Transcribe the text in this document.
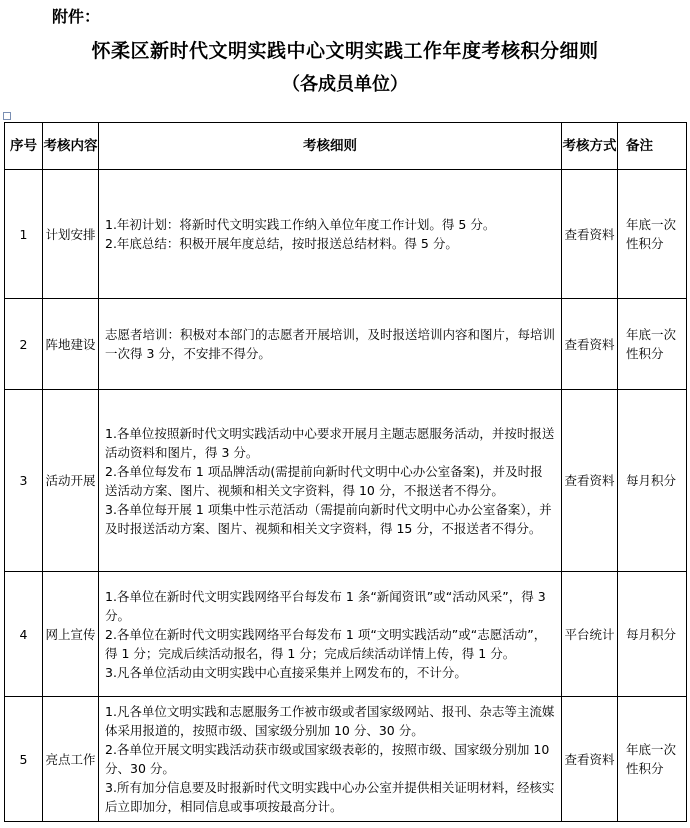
附件：
怀柔区新时代文明实践中心文明实践工作年度考核积分细则
（各成员单位）
序号	考核内容	考核细则	考核方式	备注
1	计划安排	1.年初计划：将新时代文明实践工作纳入单位年度工作计划。得 5 分。
2.年底总结：积极开展年度总结，按时报送总结材料。得 5 分。	查看资料	年底一次性积分
2	阵地建设	志愿者培训：积极对本部门的志愿者开展培训，及时报送培训内容和图片，每培训一次得 3 分，不安排不得分。	查看资料	年底一次性积分
3	活动开展	1.各单位按照新时代文明实践活动中心要求开展月主题志愿服务活动，并按时报送活动资料和图片，得 3 分。
2.各单位每发布 1 项品牌活动(需提前向新时代文明中心办公室备案)，并及时报送活动方案、图片、视频和相关文字资料，得 10 分，不报送者不得分。
3.各单位每开展 1 项集中性示范活动（需提前向新时代文明中心办公室备案），并及时报送活动方案、图片、视频和相关文字资料，得 15 分，不报送者不得分。	查看资料	每月积分
4	网上宣传	1.各单位在新时代文明实践网络平台每发布 1 条“新闻资讯”或“活动风采”，得 3 分。
2.各单位在新时代文明实践网络平台每发布 1 项“文明实践活动”或“志愿活动”，得 1 分；完成后续活动报名，得 1 分；完成后续活动详情上传，得 1 分。
3.凡各单位活动由文明实践中心直接采集并上网发布的，不计分。	平台统计	每月积分
5	亮点工作	1.凡各单位文明实践和志愿服务工作被市级或者国家级网站、报刊、杂志等主流媒体采用报道的，按照市级、国家级分别加 10 分、30 分。
2.各单位开展文明实践活动获市级或国家级表彰的，按照市级、国家级分别加 10 分、30 分。
3.所有加分信息要及时报新时代文明实践中心办公室并提供相关证明材料，经核实后立即加分，相同信息或事项按最高分计。	查看资料	年底一次性积分
